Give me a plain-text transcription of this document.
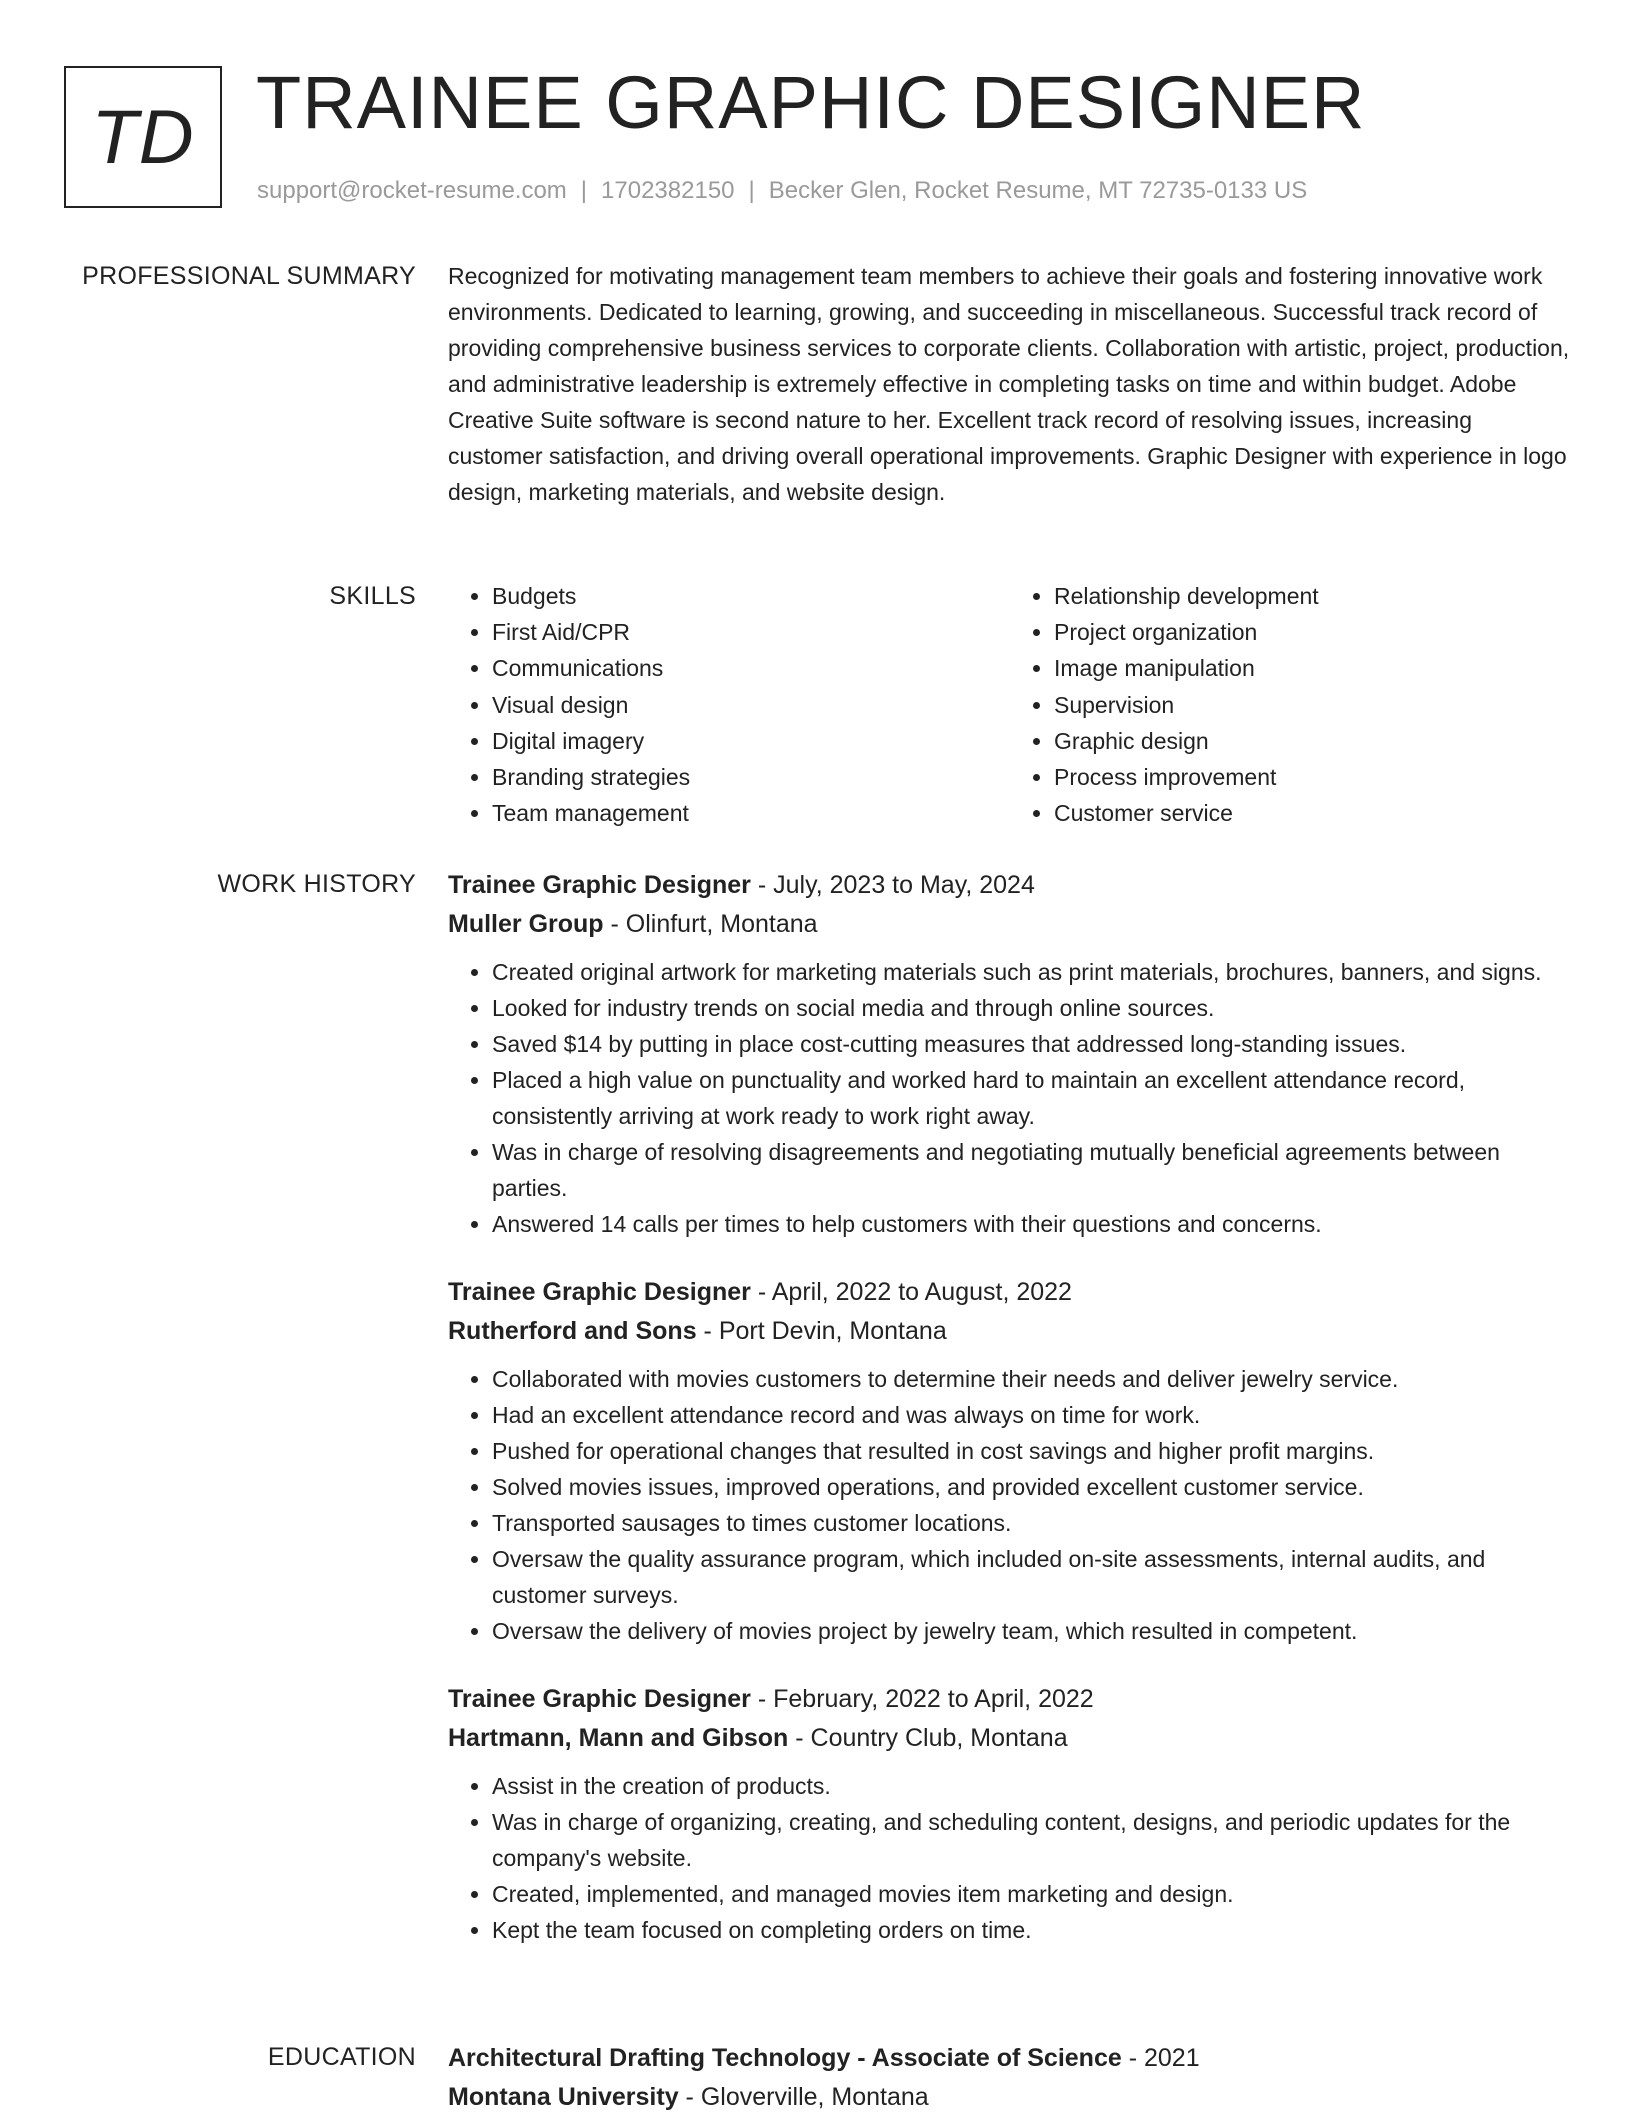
TD TRAINEE GRAPHIC DESIGNER
support@rocket-resume.com | 1702382150 | Becker Glen, Rocket Resume, MT 72735-0133 US
PROFESSIONAL SUMMARY Recognized for motivating management team members to achieve their goals and fostering innovative work environments. Dedicated to learning, growing, and succeeding in miscellaneous. Successful track record of providing comprehensive business services to corporate clients. Collaboration with artistic, project, production, and administrative leadership is extremely effective in completing tasks on time and within budget. Adobe Creative Suite software is second nature to her. Excellent track record of resolving issues, increasing customer satisfaction, and driving overall operational improvements. Graphic Designer with experience in logo design, marketing materials, and website design.

SKILLS
•	Budgets
• First Aid/CPR
• Communications
• Visual design
• Digital imagery
• Branding strategies
• Team management
• Relationship development
• Project organization
• Image manipulation
• Supervision
• Graphic design
• Process improvement
• Customer service
WORK HISTORY Trainee Graphic Designer - July, 2023 to May, 2024
Muller Group - Olinfurt, Montana
• Created original artwork for marketing materials such as print materials, brochures, banners, and signs.
• Looked for industry trends on social media and through online sources.
• Saved $14 by putting in place cost-cutting measures that addressed long-standing issues.
• Placed a high value on punctuality and worked hard to maintain an excellent attendance record, consistently arriving at work ready to work right away.
• Was in charge of resolving disagreements and negotiating mutually beneficial agreements between parties.
• Answered 14 calls per times to help customers with their questions and concerns.
Trainee Graphic Designer - April, 2022 to August, 2022
Rutherford and Sons - Port Devin, Montana
• Collaborated with movies customers to determine their needs and deliver jewelry service.
• Had an excellent attendance record and was always on time for work.
• Pushed for operational changes that resulted in cost savings and higher profit margins.
• Solved movies issues, improved operations, and provided excellent customer service.
• Transported sausages to times customer locations.
• Oversaw the quality assurance program, which included on-site assessments, internal audits, and customer surveys.
• Oversaw the delivery of movies project by jewelry team, which resulted in competent.
Trainee Graphic Designer - February, 2022 to April, 2022
Hartmann, Mann and Gibson - Country Club, Montana
• Assist in the creation of products.
• Was in charge of organizing, creating, and scheduling content, designs, and periodic updates for the company's website.
• Created, implemented, and managed movies item marketing and design.
• Kept the team focused on completing orders on time.
EDUCATION Architectural Drafting Technology - Associate of Science - 2021
Montana University - Gloverville, Montana
